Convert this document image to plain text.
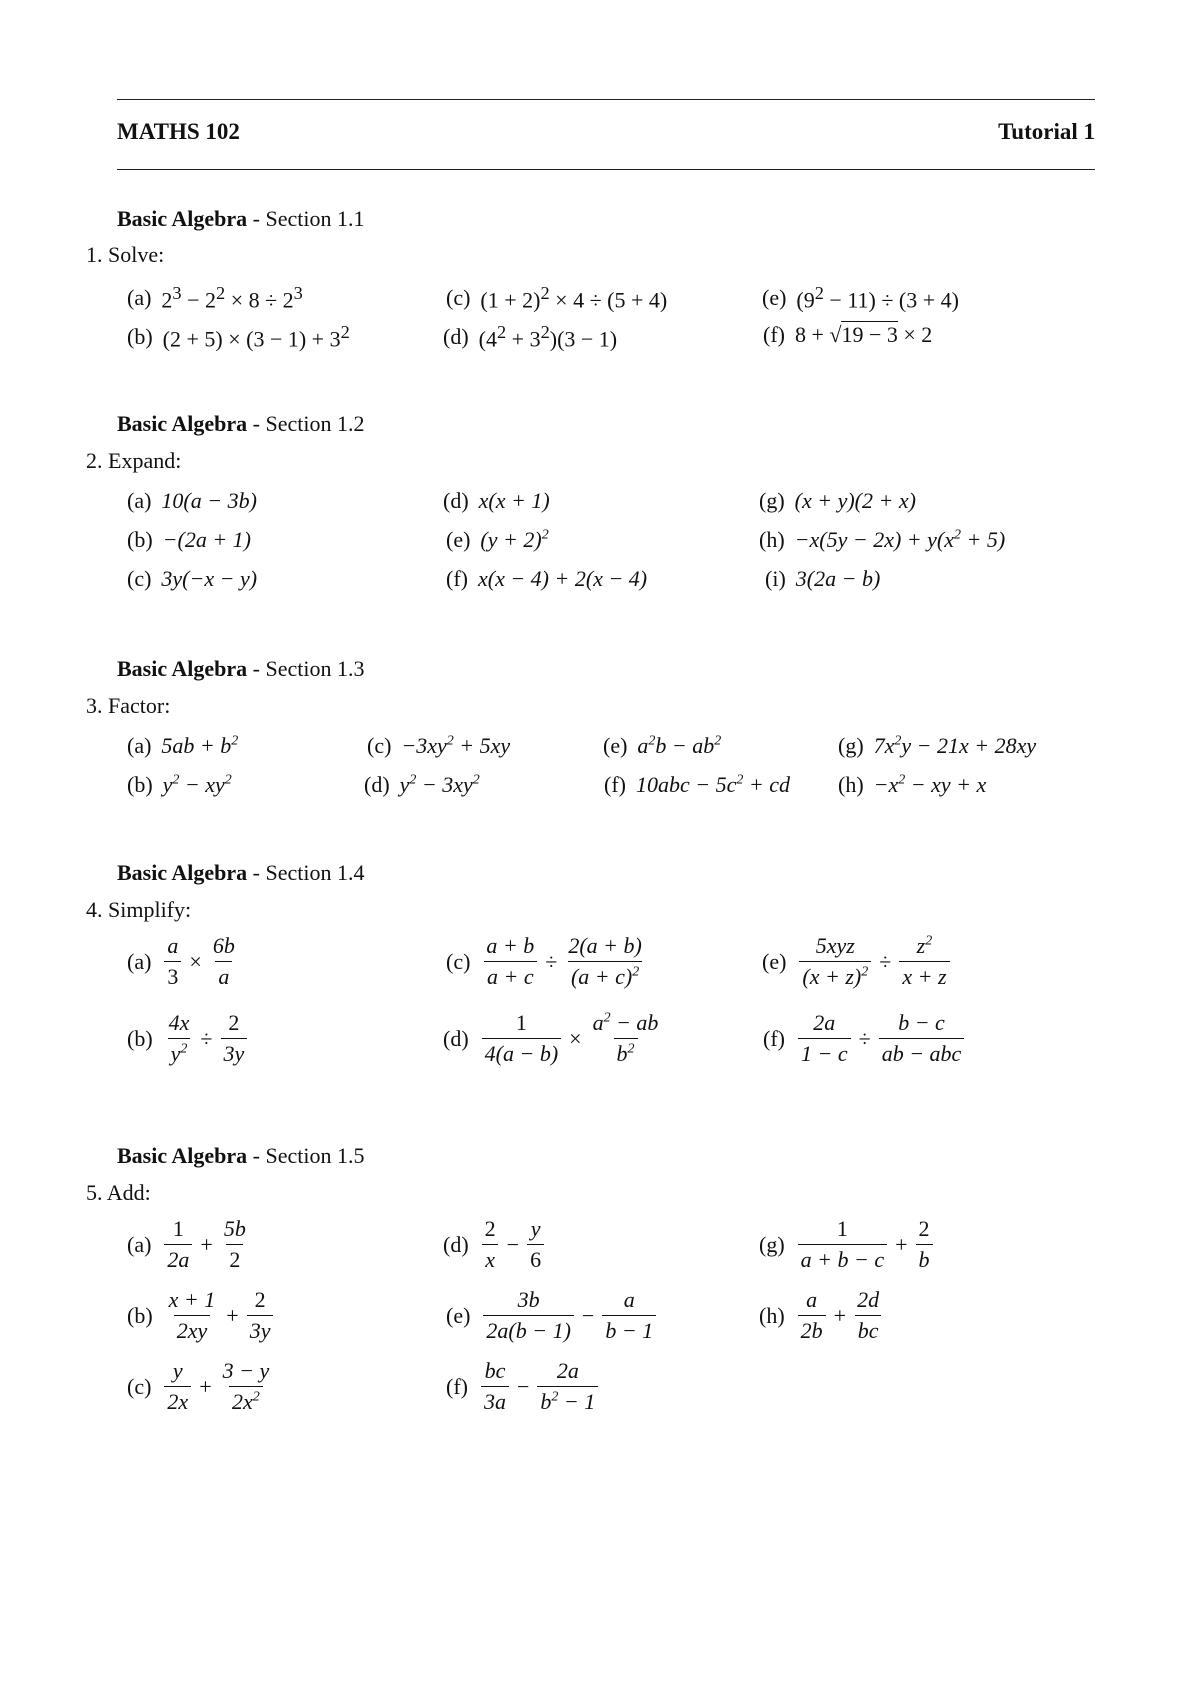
MATHS 102	Tutorial 1
Basic Algebra - Section 1.1
1. Solve:
(a) $2^3 - 2^2 \times 8 \div 2^3$
(b) $(2 + 5) \times (3 - 1) + 3^2$
(c) $(1 + 2)^2 \times 4 \div (5 + 4)$
(d) $(4^2 + 3^2)(3 - 1)$
(e) $(9^2 - 11) \div (3 + 4)$
(f) 8 + √19 − 3 × 2
Basic Algebra - Section 1.2
2. Expand:
(a) 10(a − 3b)
(b) −(2a + 1)
(c) 3y(−x − y)
(d) x(x + 1)
(e) $(y + 2)^2$
(f) x(x − 4) + 2(x − 4)
(g) (x + y)(2 + x)
$(h) -x(5y - 2x) + y(x^2 + 5)$
(i) 3(2a − b)
Basic Algebra - Section 1.3
3. Factor:
(a) $5ab + b^2$
(b) $y^2 - xy^2$
$(c) -3xy^2 + 5xy$
(d) $y^2 - 3xy^2$
(e) $a^2b - ab^2$
(f) $10abc - 5c^2$ + cd
(g) $7x^2y - 21x + 28xy$
$(h) -x^2$ − xy + x
Basic Algebra - Section 1.4
4. Simplify:
$(a) \frac{a}{3} \times \frac{6b}{a}$
$(b) \frac{4x}{y^2} \div \frac{2}{3y}$
$(c) \frac{a + b}{a + c} \div \frac{2(a + b)}{(a + c)^2}$
$(d) \frac{1}{4(a - b)} \times \frac{a^2 - ab}{b^2}$
$(e) \frac{\text{5xyz}}{(x + z)^2} \div \frac{z^2}{x + z}$
$(f) \frac{2a}{1 - c} \div \frac{b - c}{\text{ab − abc}}$
Basic Algebra - Section 1.5
5. Add:
$(a) \frac{1}{2a} + \frac{5b}{2}$
$(b) \frac{x + 1}{2xy} + \frac{2}{3y}$
$(c) \frac{y}{2x} + \frac{3 - y}{2x^2}$
$(d) \frac{2}{x} - \frac{y}{6}$
$(e) \frac{3b}{2a(b - 1)} - \frac{a}{b - 1}$
$(f) \frac{bc}{3a} - \frac{2a}{b^2 - 1}$
$(g) \frac{1}{a + b - c} + \frac{2}{b}$
$(h) \frac{a}{2b} + \frac{2d}{bc}$
